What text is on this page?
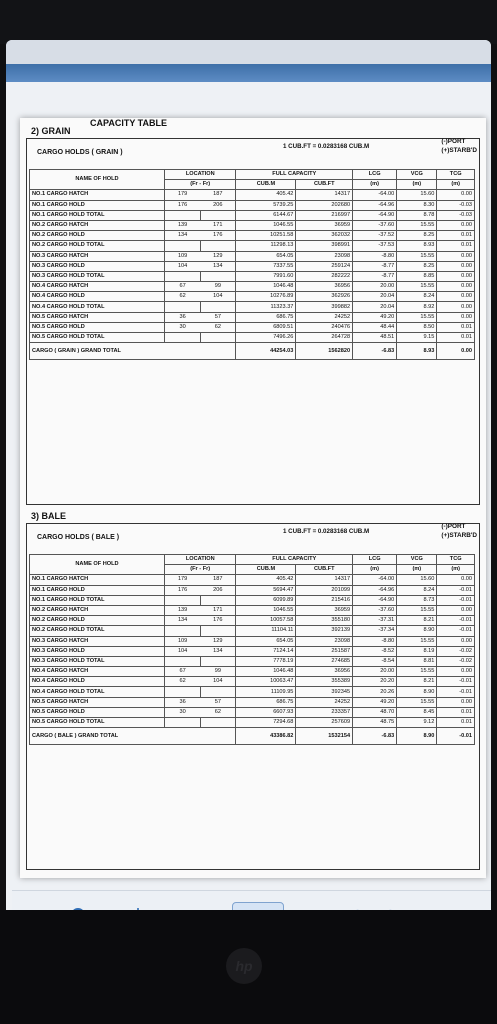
CAPACITY TABLE
2) GRAIN
CARGO HOLDS ( GRAIN )
1 CUB.FT = 0.0283168 CUB.M
(-)PORT
(+)STARB'D
NAME OF HOLD	LOCATION		FULL CAPACITY		LCG	VCG	TCG
	(Fr - Fr)		CUB.M	CUB.FT	(m)	(m)	(m)
NO.1 CARGO HATCH	179	187	405.42	14317	-64.00	15.60	0.00
NO.1 CARGO HOLD	176	206	5739.25	202680	-64.96	8.30	-0.03
NO.1 CARGO HOLD TOTAL			6144.67	216997	-64.90	8.78	-0.03
NO.2 CARGO HATCH	139	171	1046.55	36959	-37.60	15.55	0.00
NO.2 CARGO HOLD	134	176	10251.58	362032	-37.52	8.25	0.01
NO.2 CARGO HOLD TOTAL			11298.13	398991	-37.53	8.93	0.01
NO.3 CARGO HATCH	109	129	654.05	23098	-8.80	15.55	0.00
NO.3 CARGO HOLD	104	134	7337.55	259124	-8.77	8.25	0.00
NO.3 CARGO HOLD TOTAL			7991.60	282222	-8.77	8.85	0.00
NO.4 CARGO HATCH	67	99	1046.48	36956	20.00	15.55	0.00
NO.4 CARGO HOLD	62	104	10276.89	362926	20.04	8.24	0.00
NO.4 CARGO HOLD TOTAL			11323.37	399882	20.04	8.92	0.00
NO.5 CARGO HATCH	36	57	686.75	24252	49.20	15.55	0.00
NO.5 CARGO HOLD	30	62	6809.51	240476	48.44	8.50	0.01
NO.5 CARGO HOLD TOTAL			7496.26	264728	48.51	9.15	0.01
CARGO ( GRAIN ) GRAND TOTAL			44254.03	1562820	-6.83	8.93	0.00
3) BALE
CARGO HOLDS ( BALE )
1 CUB.FT = 0.0283168 CUB.M
(-)PORT
(+)STARB'D
NAME OF HOLD	LOCATION		FULL CAPACITY		LCG	VCG	TCG
	(Fr - Fr)		CUB.M	CUB.FT	(m)	(m)	(m)
NO.1 CARGO HATCH	179	187	405.42	14317	-64.00	15.60	0.00
NO.1 CARGO HOLD	176	206	5694.47	201099	-64.96	8.24	-0.01
NO.1 CARGO HOLD TOTAL			6099.89	215416	-64.90	8.73	-0.01
NO.2 CARGO HATCH	139	171	1046.55	36959	-37.60	15.55	0.00
NO.2 CARGO HOLD	134	176	10057.58	355180	-37.31	8.21	-0.01
NO.2 CARGO HOLD TOTAL			11104.11	392139	-37.34	8.90	-0.01
NO.3 CARGO HATCH	109	129	654.05	23098	-8.80	15.55	0.00
NO.3 CARGO HOLD	104	134	7124.14	251587	-8.52	8.19	-0.02
NO.3 CARGO HOLD TOTAL			7778.19	274685	-8.54	8.81	-0.02
NO.4 CARGO HATCH	67	99	1046.48	36956	20.00	15.55	0.00
NO.4 CARGO HOLD	62	104	10063.47	355389	20.20	8.21	-0.01
NO.4 CARGO HOLD TOTAL			11109.95	392345	20.26	8.90	-0.01
NO.5 CARGO HATCH	36	57	686.75	24252	49.20	15.55	0.00
NO.5 CARGO HOLD	30	62	6607.93	233357	48.70	8.45	0.01
NO.5 CARGO HOLD TOTAL			7294.68	257609	48.75	9.12	0.01
CARGO ( BALE ) GRAND TOTAL			43386.82	1532154	-6.83	8.90	-0.01
hp
